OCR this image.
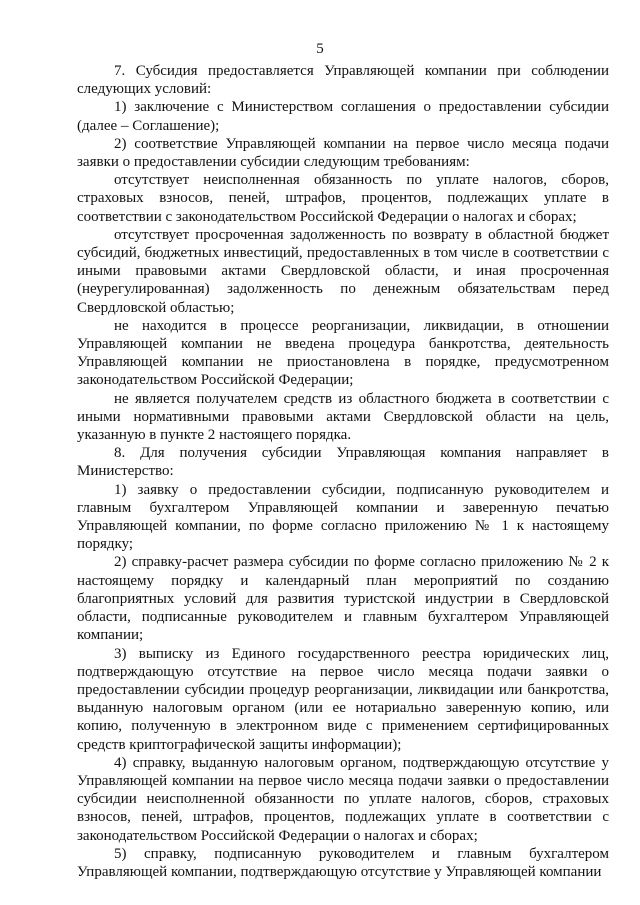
5

7. Субсидия предоставляется Управляющей компании при соблюдении следующих условий:

1) заключение с Министерством соглашения о предоставлении субсидии (далее – Соглашение);

2) соответствие Управляющей компании на первое число месяца подачи заявки о предоставлении субсидии следующим требованиям:

отсутствует неисполненная обязанность по уплате налогов, сборов, страховых взносов, пеней, штрафов, процентов, подлежащих уплате в соответствии с законодательством Российской Федерации о налогах и сборах;

отсутствует просроченная задолженность по возврату в областной бюджет субсидий, бюджетных инвестиций, предоставленных в том числе в соответствии с иными правовыми актами Свердловской области, и иная просроченная (неурегулированная) задолженность по денежным обязательствам перед Свердловской областью;

не находится в процессе реорганизации, ликвидации, в отношении Управляющей компании не введена процедура банкротства, деятельность Управляющей компании не приостановлена в порядке, предусмотренном законодательством Российской Федерации;

не является получателем средств из областного бюджета в соответствии с иными нормативными правовыми актами Свердловской области на цель, указанную в пункте 2 настоящего порядка.

8. Для получения субсидии Управляющая компания направляет в Министерство:

1) заявку о предоставлении субсидии, подписанную руководителем и главным бухгалтером Управляющей компании и заверенную печатью Управляющей компании, по форме согласно приложению № 1 к настоящему порядку;

2) справку-расчет размера субсидии по форме согласно приложению № 2 к настоящему порядку и календарный план мероприятий по созданию благоприятных условий для развития туристской индустрии в Свердловской области, подписанные руководителем и главным бухгалтером Управляющей компании;

3) выписку из Единого государственного реестра юридических лиц, подтверждающую отсутствие на первое число месяца подачи заявки о предоставлении субсидии процедур реорганизации, ликвидации или банкротства, выданную налоговым органом (или ее нотариально заверенную копию, или копию, полученную в электронном виде с применением сертифицированных средств криптографической защиты информации);

4) справку, выданную налоговым органом, подтверждающую отсутствие у Управляющей компании на первое число месяца подачи заявки о предоставлении субсидии неисполненной обязанности по уплате налогов, сборов, страховых взносов, пеней, штрафов, процентов, подлежащих уплате в соответствии с законодательством Российской Федерации о налогах и сборах;

5) справку, подписанную руководителем и главным бухгалтером Управляющей компании, подтверждающую отсутствие у Управляющей компании
